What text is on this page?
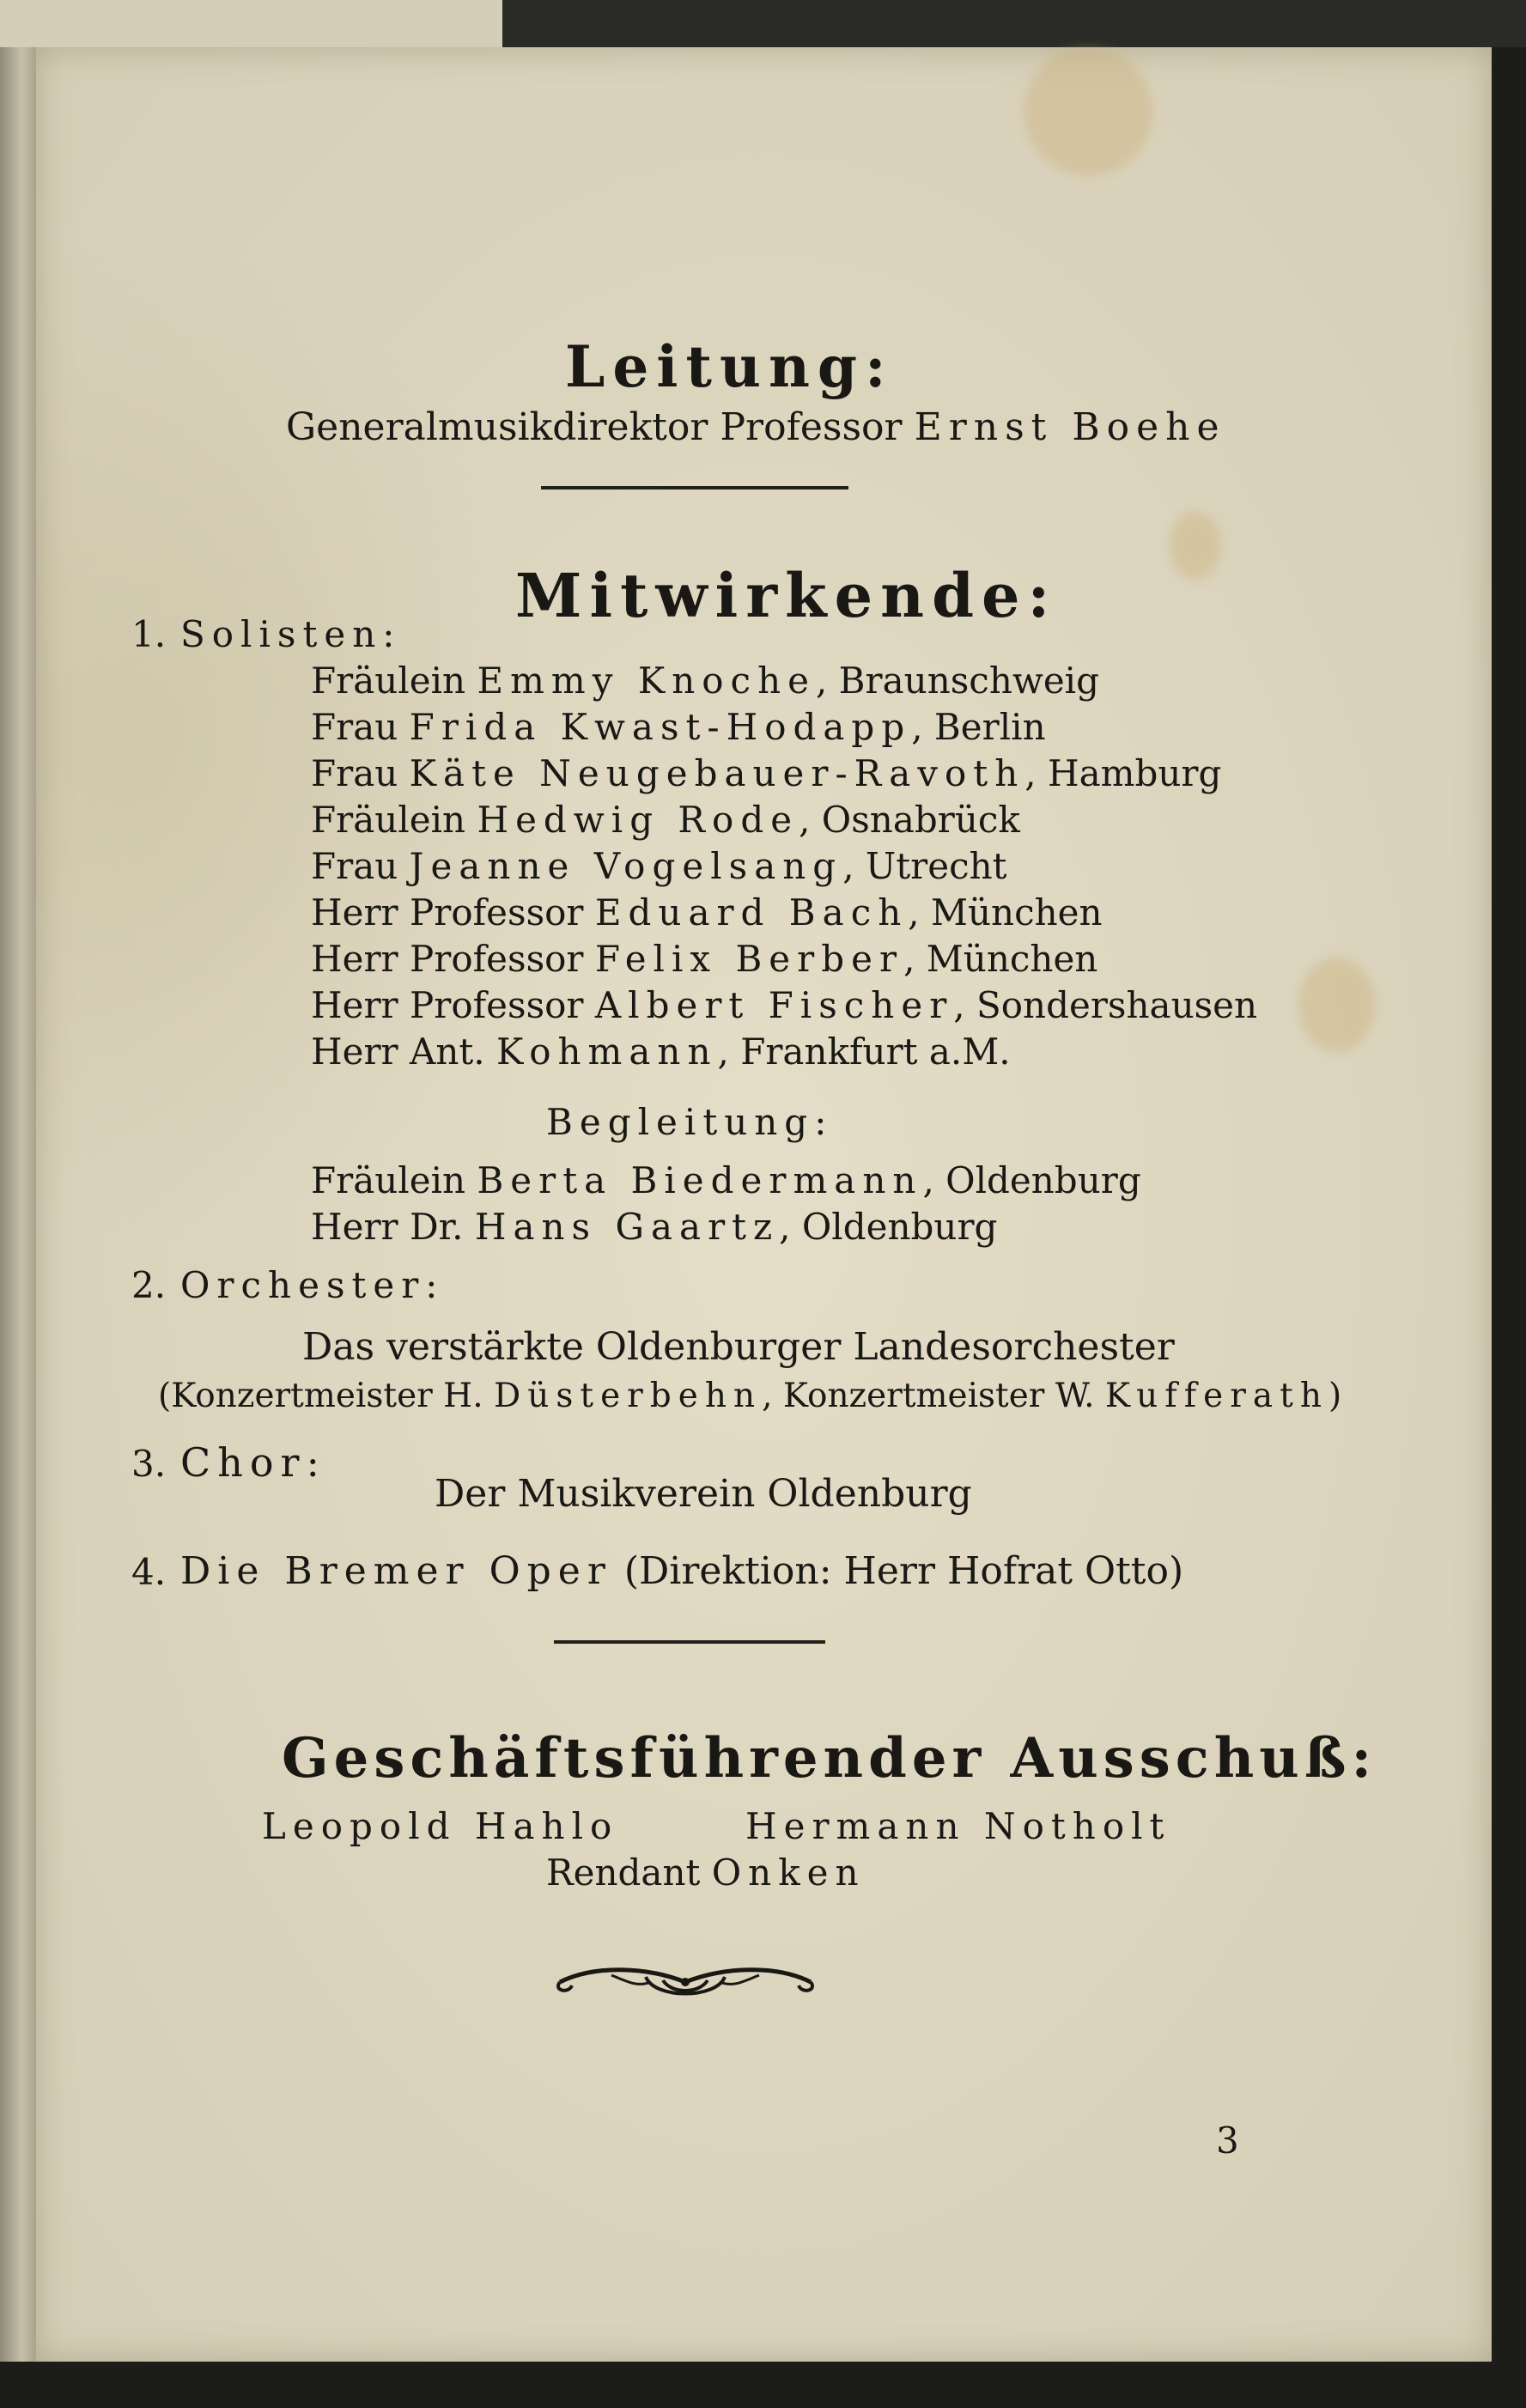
Leitung:
Generalmusikdirektor Professor Ernst Boehe
Mitwirkende:
1. Solisten:
Fräulein Emmy Knoche, Braunschweig
Frau Frida Kwast-Hodapp, Berlin
Frau Käte Neugebauer-Ravoth, Hamburg
Fräulein Hedwig Rode, Osnabrück
Frau Jeanne Vogelsang, Utrecht
Herr Professor Eduard Bach, München
Herr Professor Felix Berber, München
Herr Professor Albert Fischer, Sondershausen
Herr Ant. Kohmann, Frankfurt a.M.
Begleitung:
Fräulein Berta Biedermann, Oldenburg
Herr Dr. Hans Gaartz, Oldenburg
2. Orchester:
Das verstärkte Oldenburger Landesorchester
(Konzertmeister H. Düsterbehn, Konzertmeister W. Kufferath)
3. Chor:
Der Musikverein Oldenburg
4. Die Bremer Oper (Direktion: Herr Hofrat Otto)
Geschäftsführender Ausschuß:
Leopold Hahlo	Hermann Notholt
Rendant Onken
3
